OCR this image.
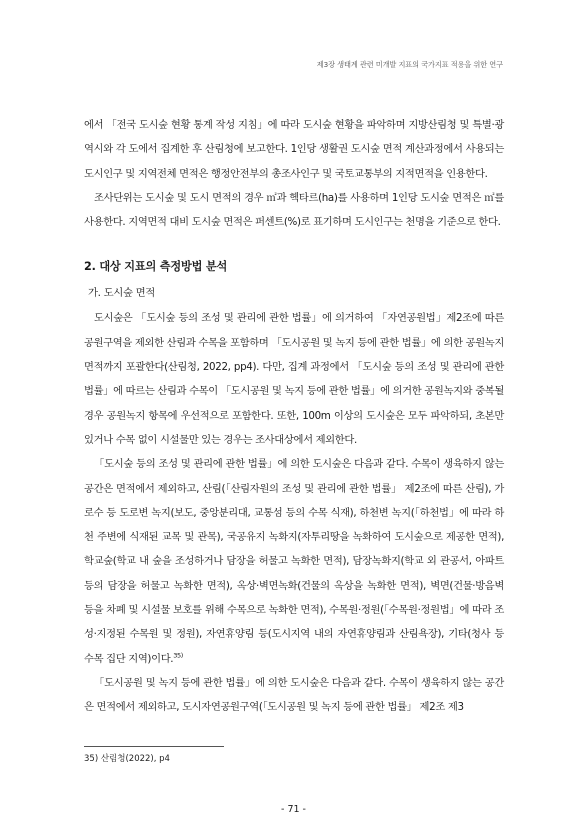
제3장 생태계 관련 미개발 지표의 국가지표 적용을 위한 연구

에서 「전국 도시숲 현황 통계 작성 지침」에 따라 도시숲 현황을 파악하며 지방산림청 및 특별·광역시와 각 도에서 집계한 후 산림청에 보고한다. 1인당 생활권 도시숲 면적 계산과정에서 사용되는 도시인구 및 지역전체 면적은 행정안전부의 총조사인구 및 국토교통부의 지적면적을 인용한다.

조사단위는 도시숲 및 도시 면적의 경우 ㎡과 헥타르(ha)를 사용하며 1인당 도시숲 면적은 ㎡를 사용한다. 지역면적 대비 도시숲 면적은 퍼센트(%)로 표기하며 도시인구는 천명을 기준으로 한다.

2. 대상 지표의 측정방법 분석
가. 도시숲 면적

도시숲은 「도시숲 등의 조성 및 관리에 관한 법률」에 의거하여 「자연공원법」제2조에 따른 공원구역을 제외한 산림과 수목을 포함하며 「도시공원 및 녹지 등에 관한 법률」에 의한 공원녹지 면적까지 포괄한다(산림청, 2022, pp4). 다만, 집계 과정에서 「도시숲 등의 조성 및 관리에 관한 법률」에 따르는 산림과 수목이 「도시공원 및 녹지 등에 관한 법률」에 의거한 공원녹지와 중복될 경우 공원녹지 항목에 우선적으로 포함한다. 또한, 100m 이상의 도시숲은 모두 파악하되, 초본만 있거나 수목 없이 시설물만 있는 경우는 조사대상에서 제외한다.

「도시숲 등의 조성 및 관리에 관한 법률」에 의한 도시숲은 다음과 같다. 수목이 생육하지 않는 공간은 면적에서 제외하고, 산림(「산림자원의 조성 및 관리에 관한 법률」 제2조에 따른 산림), 가로수 등 도로변 녹지(보도, 중앙분리대, 교통섬 등의 수목 식재), 하천변 녹지(「하천법」에 따라 하천 주변에 식재된 교목 및 관목), 국공유지 녹화지(자투리땅을 녹화하여 도시숲으로 제공한 면적), 학교숲(학교 내 숲을 조성하거나 담장을 허물고 녹화한 면적), 담장녹화지(학교 외 관공서, 아파트 등의 담장을 허물고 녹화한 면적), 옥상·벽면녹화(건물의 옥상을 녹화한 면적), 벽면(건물·방음벽 등을 차폐 및 시설물 보호를 위해 수목으로 녹화한 면적), 수목원·정원(「수목원·정원법」에 따라 조성·지정된 수목원 및 정원), 자연휴양림 등(도시지역 내의 자연휴양림과 산림욕장), 기타(청사 등 수목 집단 지역)이다.$^{35)}$

「도시공원 및 녹지 등에 관한 법률」에 의한 도시숲은 다음과 같다. 수목이 생육하지 않는 공간은 면적에서 제외하고, 도시자연공원구역(「도시공원 및 녹지 등에 관한 법률」 제2조 제3

35) 산림청(2022), p4
- 71 -
